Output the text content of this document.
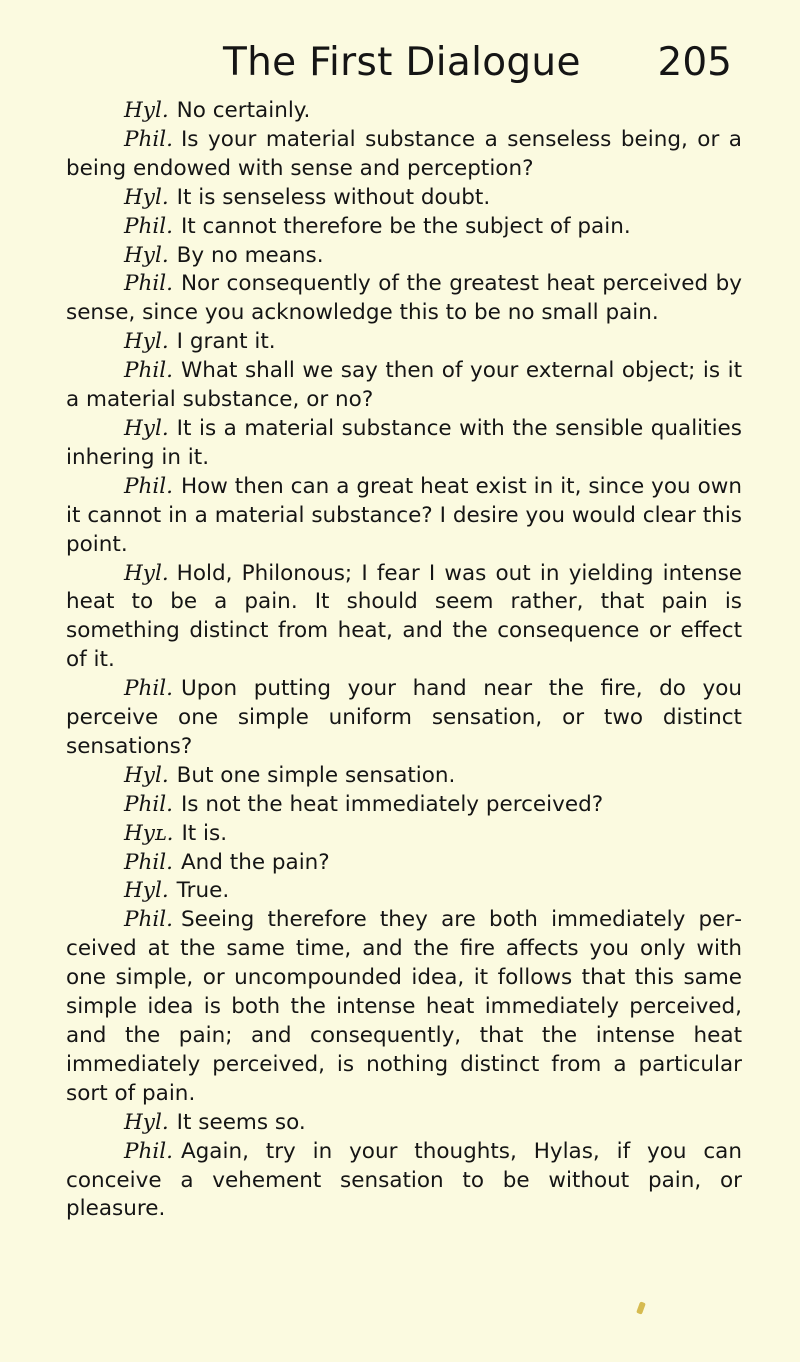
The First Dialogue 205

Hyl. No certainly.

Phil. Is your material substance a senseless being, or a being endowed with sense and perception?

Hyl. It is senseless without doubt.

Phil. It cannot therefore be the subject of pain.

Hyl. By no means.

Phil. Nor consequently of the greatest heat perceived by sense, since you acknowledge this to be no small pain.

Hyl. I grant it.

Phil. What shall we say then of your external object; is it a material substance, or no?

Hyl. It is a material substance with the sensible qualities inhering in it.

Phil. How then can a great heat exist in it, since you own it cannot in a material substance? I desire you would clear this point.

Hyl. Hold, Philonous; I fear I was out in yielding intense heat to be a pain. It should seem rather, that pain is something distinct from heat, and the consequence or effect of it.

Phil. Upon putting your hand near the fire, do you perceive one simple uniform sensation, or two distinct sensations?

Hyl. But one simple sensation.

Phil. Is not the heat immediately perceived?

Hyʟ. It is.

Phil. And the pain?

Hyl. True.

Phil. Seeing therefore they are both immediately perceived at the same time, and the fire affects you only with one simple, or uncompounded idea, it follows that this same simple idea is both the intense heat immediately perceived, and the pain; and consequently, that the intense heat immediately perceived, is nothing distinct from a particular sort of pain.

Hyl. It seems so.

Phil. Again, try in your thoughts, Hylas, if you can conceive a vehement sensation to be without pain, or pleasure.
